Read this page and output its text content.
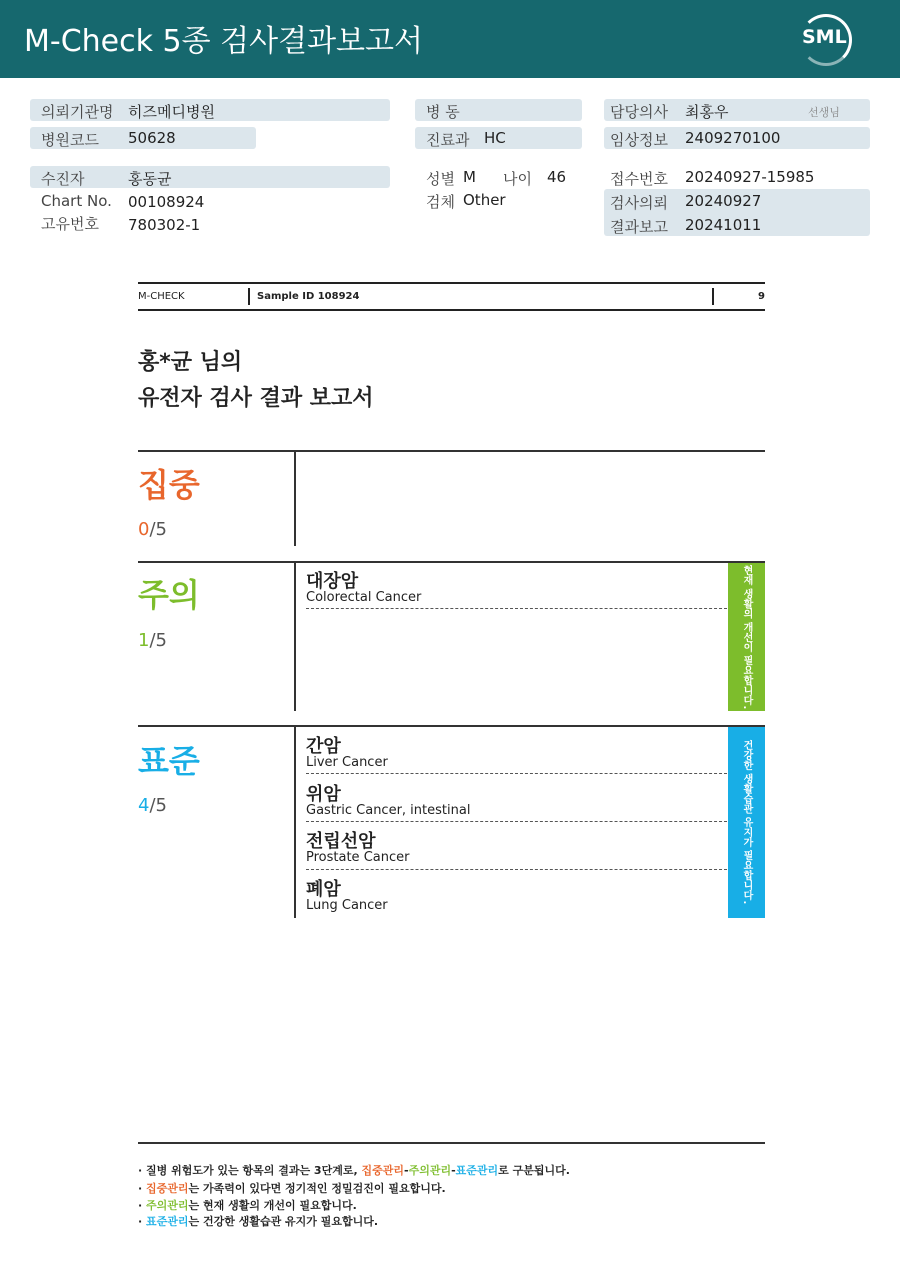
M-Check 5종 검사결과보고서	SML
의뢰기관명 히즈메디병원
병원코드 50628
병 동
진료과 HC
담당의사 최홍우	선생님
임상정보 2409270100
수진자	홍동균
Chart No. 00108924
고유번호 780302-1
성별 M 나이 46
검체 Other
접수번호 20240927-15985
검사의뢰 20240927
결과보고 20241011
M-CHECK	Sample ID 108924	9
홍*균 님의
유전자 검사 결과 보고서
집중
0/5
주의
1/5
대장암
Colorectal Cancer	현재 생활의 개선이 필요합니다.
표준
4/5
간암
Liver Cancer
위암
Gastric Cancer, intestinal
전립선암
Prostate Cancer
폐암
Lung Cancer
건강한 생활습관 유지가 필요합니다.
· 질병 위험도가 있는 항목의 결과는 3단계로, 집중관리-주의관리-표준관리로 구분됩니다.
· 집중관리는 가족력이 있다면 정기적인 정밀검진이 필요합니다.
· 주의관리는 현재 생활의 개선이 필요합니다.
· 표준관리는 건강한 생활습관 유지가 필요합니다.
